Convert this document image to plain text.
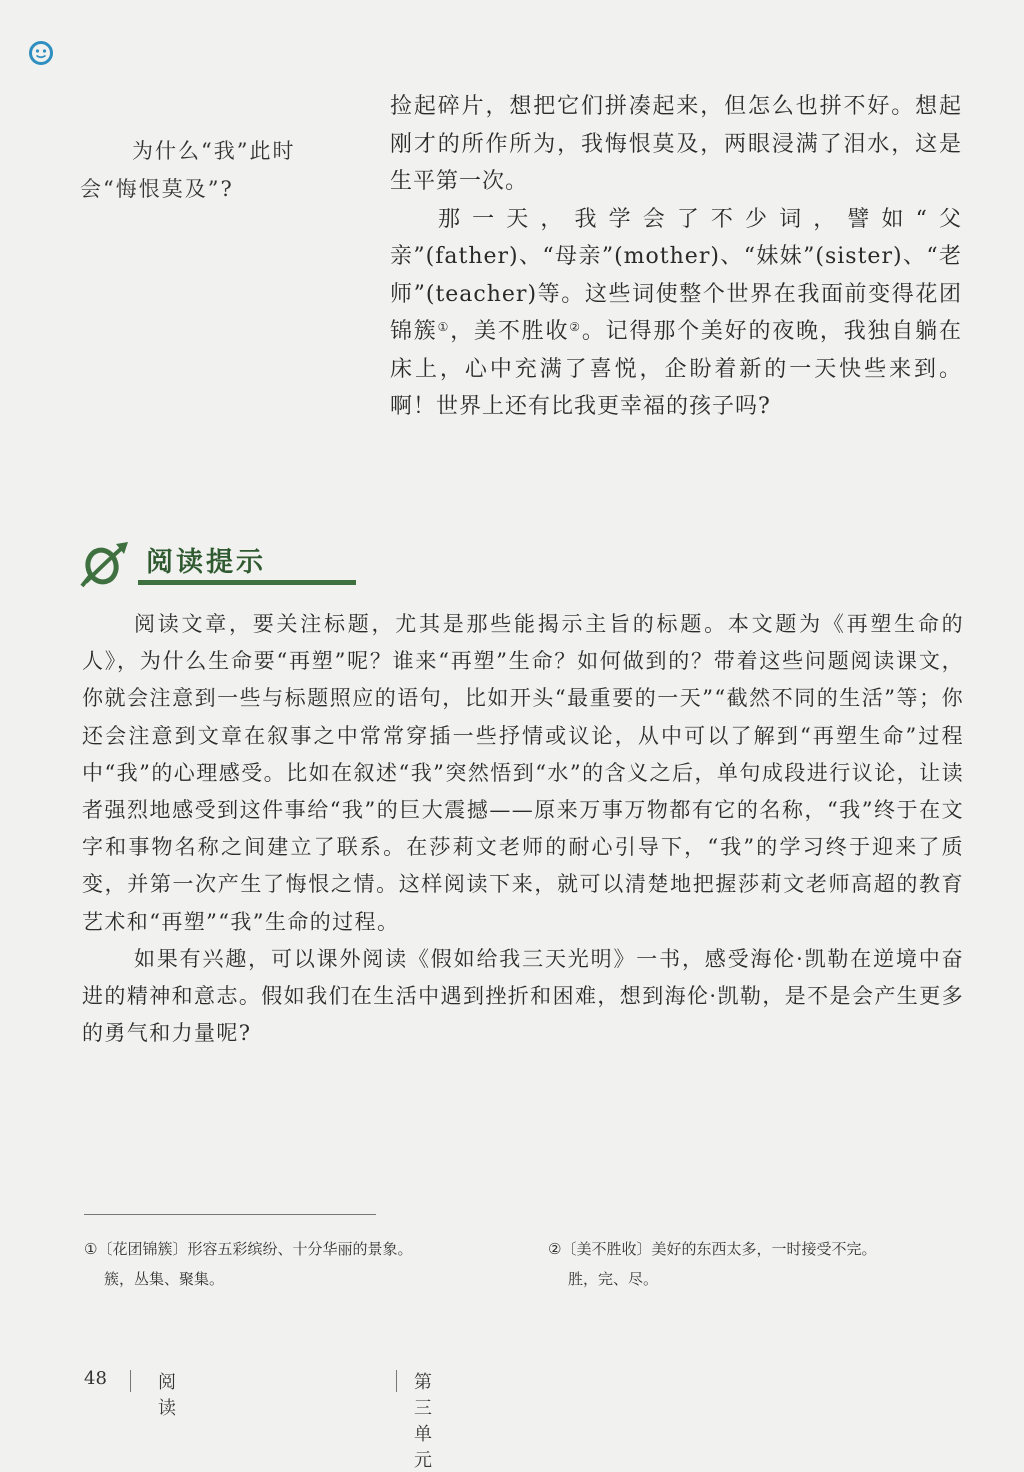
为什么“我”此时会“悔恨莫及”?

捡起碎片，想把它们拼凑起来，但怎么也拼不好。想起刚才的所作所为，我悔恨莫及，两眼浸满了泪水，这是生平第一次。

那一天，我学会了不少词，譬如“父亲”(father)、“母亲”(mother)、“妹妹”(sister)、“老师”(teacher)等。这些词使整个世界在我面前变得花团锦簇①，美不胜收②。记得那个美好的夜晚，我独自躺在床上，心中充满了喜悦，企盼着新的一天快些来到。啊！世界上还有比我更幸福的孩子吗?

阅读提示

阅读文章，要关注标题，尤其是那些能揭示主旨的标题。本文题为《再塑生命的人》，为什么生命要“再塑”呢？谁来“再塑”生命？如何做到的？带着这些问题阅读课文，你就会注意到一些与标题照应的语句，比如开头“最重要的一天”“截然不同的生活”等；你还会注意到文章在叙事之中常常穿插一些抒情或议论，从中可以了解到“再塑生命”过程中“我”的心理感受。比如在叙述“我”突然悟到“水”的含义之后，单句成段进行议论，让读者强烈地感受到这件事给“我”的巨大震撼——原来万事万物都有它的名称，“我”终于在文字和事物名称之间建立了联系。在莎莉文老师的耐心引导下，“我”的学习终于迎来了质变，并第一次产生了悔恨之情。这样阅读下来，就可以清楚地把握莎莉文老师高超的教育艺术和“再塑”“我”生命的过程。

如果有兴趣，可以课外阅读《假如给我三天光明》一书，感受海伦·凯勒在逆境中奋进的精神和意志。假如我们在生活中遇到挫折和困难，想到海伦·凯勒，是不是会产生更多的勇气和力量呢?

①〔花团锦簇〕形容五彩缤纷、十分华丽的景象。
簇，丛集、聚集。
②〔美不胜收〕美好的东西太多，一时接受不完。
胜，完、尽。
48	阅读
第三单元
